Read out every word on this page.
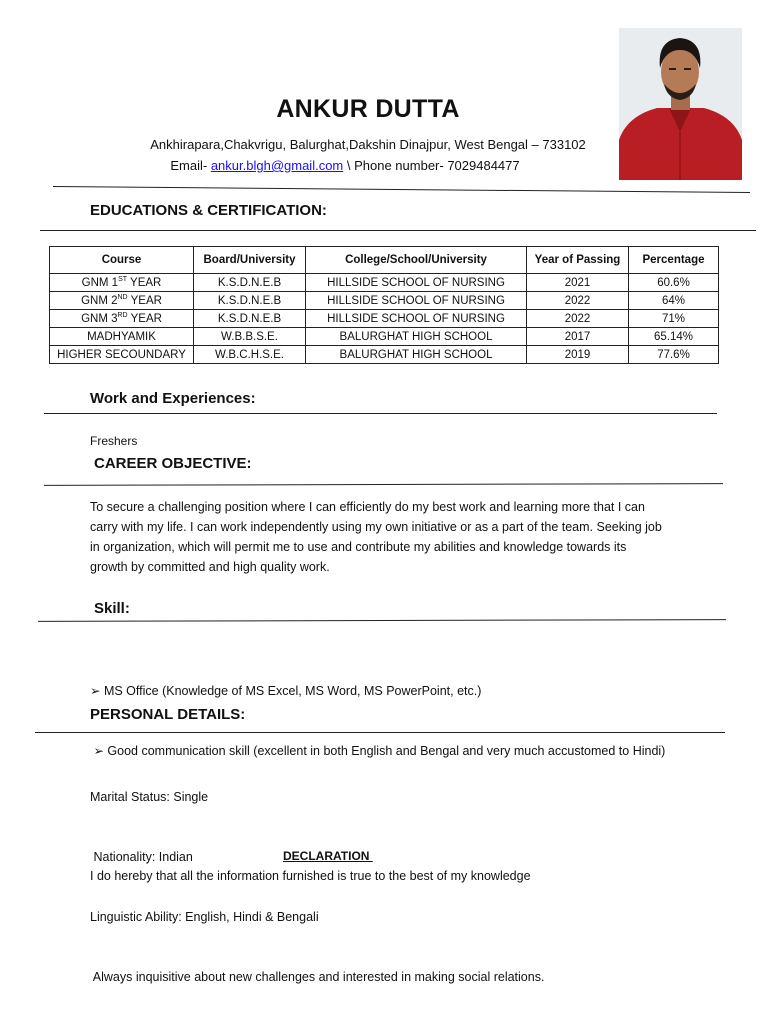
ANKUR DUTTA
Ankhirapara,Chakvrigu, Balurghat,Dakshin Dinajpur, West Bengal – 733102
Email- ankur.blgh@gmail.com \ Phone number- 7029484477
EDUCATIONS & CERTIFICATION:
Course	Board/University	College/School/University	Year of Passing	Percentage
GNM 1ST YEAR	K.S.D.N.E.B	HILLSIDE SCHOOL OF NURSING	2021	60.6%
GNM 2ND YEAR	K.S.D.N.E.B	HILLSIDE SCHOOL OF NURSING	2022	64%
GNM 3RD YEAR	K.S.D.N.E.B	HILLSIDE SCHOOL OF NURSING	2022	71%
MADHYAMIK	W.B.B.S.E.	BALURGHAT HIGH SCHOOL	2017	65.14%
HIGHER SECOUNDARY	W.B.C.H.S.E.	BALURGHAT HIGH SCHOOL	2019	77.6%
Work and Experiences:
Freshers
CAREER OBJECTIVE:
To secure a challenging position where I can efficiently do my best work and learning more that I can
carry with my life. I can work independently using my own initiative or as a part of the team. Seeking job
in organization, which will permit me to use and contribute my abilities and knowledge towards its
growth by committed and high quality work.
Skill:

➢ MS Office (Knowledge of MS Excel, MS Word, MS PowerPoint, etc.)

➢ Good communication skill (excellent in both English and Bengal and very much accustomed to Hindi)

PERSONAL DETAILS:

Marital Status: Single

Nationality: Indian

Linguistic Ability: English, Hindi & Bengali

Always inquisitive about new challenges and interested in making social relations.

DECLARATION
I do hereby that all the information furnished is true to the best of my knowledge
